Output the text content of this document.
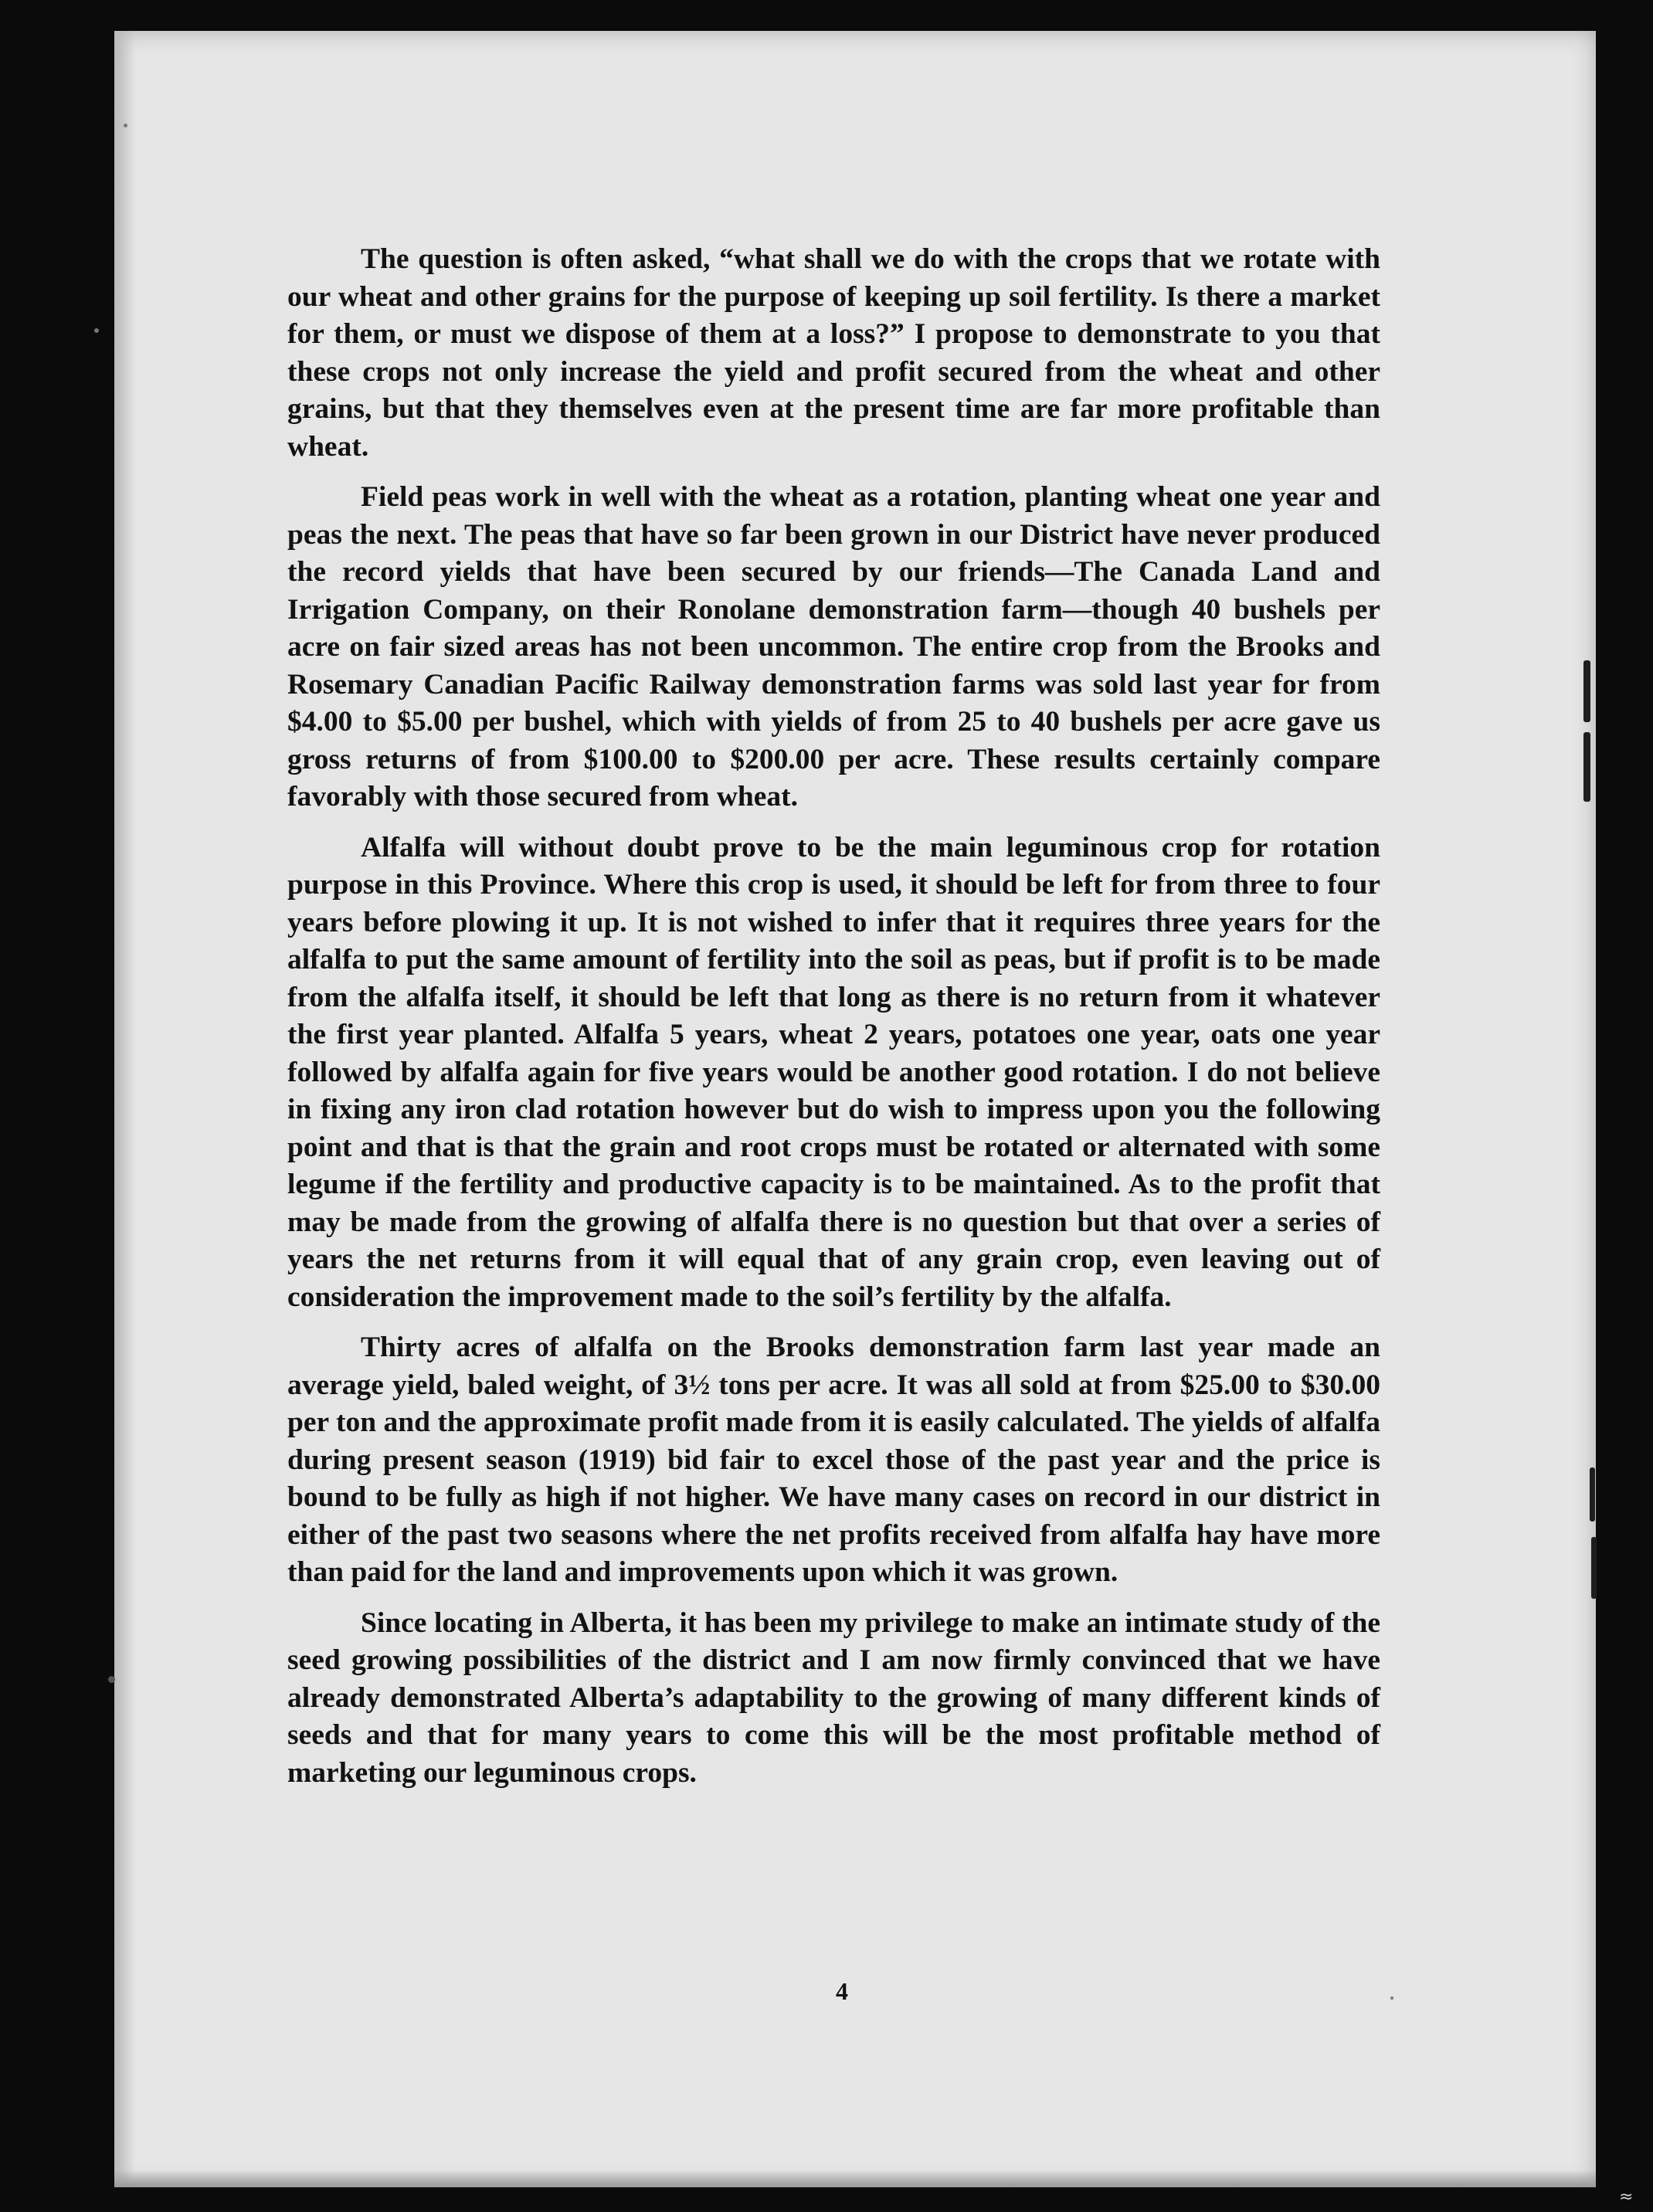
The question is often asked, “what shall we do with the crops that we rotate with our wheat and other grains for the purpose of keeping up soil fertility. Is there a market for them, or must we dispose of them at a loss?” I propose to demonstrate to you that these crops not only increase the yield and profit secured from the wheat and other grains, but that they themselves even at the present time are far more profitable than wheat.

Field peas work in well with the wheat as a rotation, planting wheat one year and peas the next. The peas that have so far been grown in our District have never produced the record yields that have been secured by our friends—The Canada Land and Irrigation Company, on their Ronolane demonstration farm—though 40 bushels per acre on fair sized areas has not been uncommon. The entire crop from the Brooks and Rosemary Canadian Pacific Railway demonstration farms was sold last year for from $4.00 to $5.00 per bushel, which with yields of from 25 to 40 bushels per acre gave us gross returns of from $100.00 to $200.00 per acre. These results certainly compare favorably with those secured from wheat.

Alfalfa will without doubt prove to be the main leguminous crop for rotation purpose in this Province. Where this crop is used, it should be left for from three to four years before plowing it up. It is not wished to infer that it requires three years for the alfalfa to put the same amount of fertility into the soil as peas, but if profit is to be made from the alfalfa itself, it should be left that long as there is no return from it whatever the first year planted. Alfalfa 5 years, wheat 2 years, potatoes one year, oats one year followed by alfalfa again for five years would be another good rotation. I do not believe in fixing any iron clad rotation however but do wish to impress upon you the following point and that is that the grain and root crops must be rotated or alternated with some legume if the fertility and productive capacity is to be maintained. As to the profit that may be made from the growing of alfalfa there is no question but that over a series of years the net returns from it will equal that of any grain crop, even leaving out of consideration the improvement made to the soil’s fertility by the alfalfa.

Thirty acres of alfalfa on the Brooks demonstration farm last year made an average yield, baled weight, of 3½ tons per acre. It was all sold at from $25.00 to $30.00 per ton and the approximate profit made from it is easily calculated. The yields of alfalfa during present season (1919) bid fair to excel those of the past year and the price is bound to be fully as high if not higher. We have many cases on record in our district in either of the past two seasons where the net profits received from alfalfa hay have more than paid for the land and improvements upon which it was grown.

Since locating in Alberta, it has been my privilege to make an intimate study of the seed growing possibilities of the district and I am now firmly convinced that we have already demonstrated Alberta’s adaptability to the growing of many different kinds of seeds and that for many years to come this will be the most profitable method of marketing our leguminous crops.

4
≈
